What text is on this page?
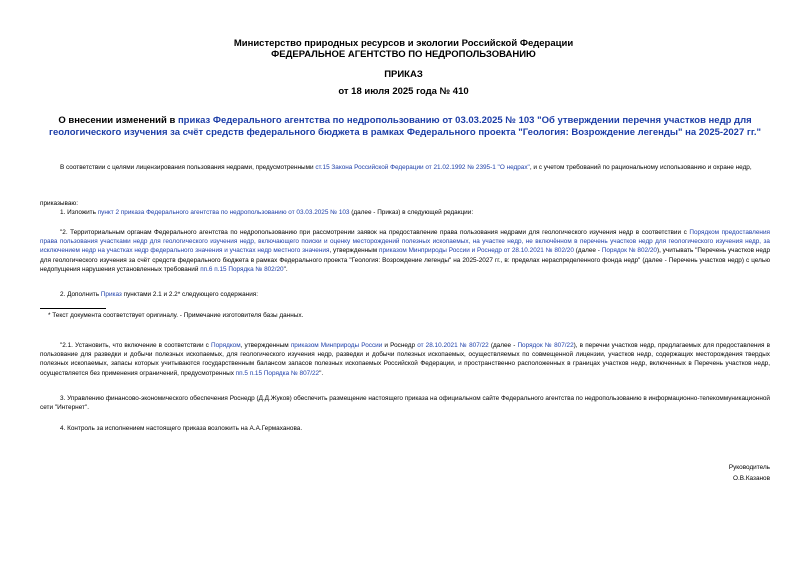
Министерство природных ресурсов и экологии Российской Федерации
ФЕДЕРАЛЬНОЕ АГЕНТСТВО ПО НЕДРОПОЛЬЗОВАНИЮ
ПРИКАЗ
от 18 июля 2025 года № 410
О внесении изменений в приказ Федерального агентства по недропользованию от 03.03.2025 № 103 "Об утверждении перечня участков недр для геологического изучения за счёт средств федерального бюджета в рамках Федерального проекта "Геология: Возрождение легенды" на 2025-2027 гг."
В соответствии с целями лицензирования пользования недрами, предусмотренными ст.15 Закона Российской Федерации от 21.02.1992 № 2395-1 "О недрах", и с учетом требований по рациональному использованию и охране недр,
приказываю:
1. Изложить пункт 2 приказа Федерального агентства по недропользованию от 03.03.2025 № 103 (далее - Приказ) в следующей редакции:
"2. Территориальным органам Федерального агентства по недропользованию при рассмотрении заявок на предоставление права пользования недрами для геологического изучения недр в соответствии с Порядком предоставления права пользования участками недр для геологического изучения недр, включающего поиски и оценку месторождений полезных ископаемых, на участке недр, не включённом в перечень участков недр для геологического изучения недр, за исключением недр на участках недр федерального значения и участках недр местного значения, утвержденным приказом Минприроды России и Роснедр от 28.10.2021 № 802/20 (далее - Порядок № 802/20), учитывать "Перечень участков недр для геологического изучения за счёт средств федерального бюджета в рамках Федерального проекта "Геология: Возрождение легенды" на 2025-2027 гг., в: пределах нераспределенного фонда недр" (далее - Перечень участков недр) с целью недопущения нарушения установленных требований пп.6 п.15 Порядка № 802/20".
2. Дополнить Приказ пунктами 2.1 и 2.2* следующего содержания:
* Текст документа соответствует оригиналу. - Примечание изготовителя базы данных.
"2.1. Установить, что включение в соответствии с Порядком, утвержденным приказом Минприроды России и Роснедр от 28.10.2021 № 807/22 (далее - Порядок № 807/22), в перечни участков недр, предлагаемых для предоставления в пользование для разведки и добычи полезных ископаемых, для геологического изучения недр, разведки и добычи полезных ископаемых, осуществляемых по совмещенной лицензии, участков недр, содержащих месторождения твердых полезных ископаемых, запасы которых учитываются государственным балансом запасов полезных ископаемых Российской Федерации, и пространственно расположенных в границах участков недр, включенных в Перечень участков недр, осуществляется без применения ограничений, предусмотренных пп.5 п.15 Порядка № 807/22".
3. Управлению финансово-экономического обеспечения Роснедр (Д.Д.Жуков) обеспечить размещение настоящего приказа на официальном сайте Федерального агентства по недропользованию в информационно-телекоммуникационной сети "Интернет".
4. Контроль за исполнением настоящего приказа возложить на А.А.Гермаханова.
Руководитель
О.В.Казанов
